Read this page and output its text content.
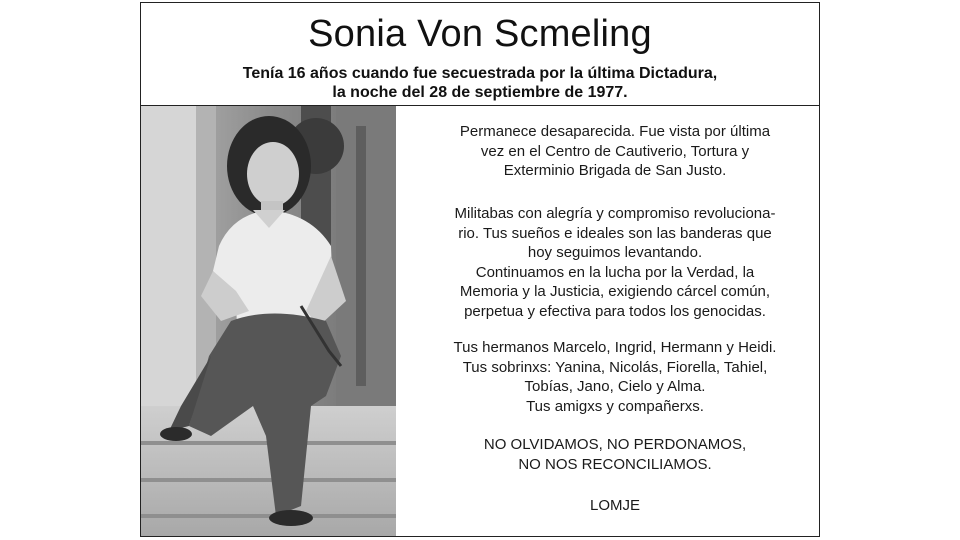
Sonia Von Scmeling
Tenía 16 años cuando fue secuestrada por la última Dictadura,
la noche del 28 de septiembre de 1977.
Permanece desaparecida. Fue vista por última
vez en el Centro de Cautiverio, Tortura y
Exterminio Brigada de San Justo.
Militabas con alegría y compromiso revoluciona-
rio. Tus sueños e ideales son las banderas que
hoy seguimos levantando.
Continuamos en la lucha por la Verdad, la
Memoria y la Justicia, exigiendo cárcel común,
perpetua y efectiva para todos los genocidas.
Tus hermanos Marcelo, Ingrid, Hermann y Heidi.
Tus sobrinxs: Yanina, Nicolás, Fiorella, Tahiel,
Tobías, Jano, Cielo y Alma.
Tus amigxs y compañerxs.
NO OLVIDAMOS, NO PERDONAMOS,
NO NOS RECONCILIAMOS.
LOMJE
